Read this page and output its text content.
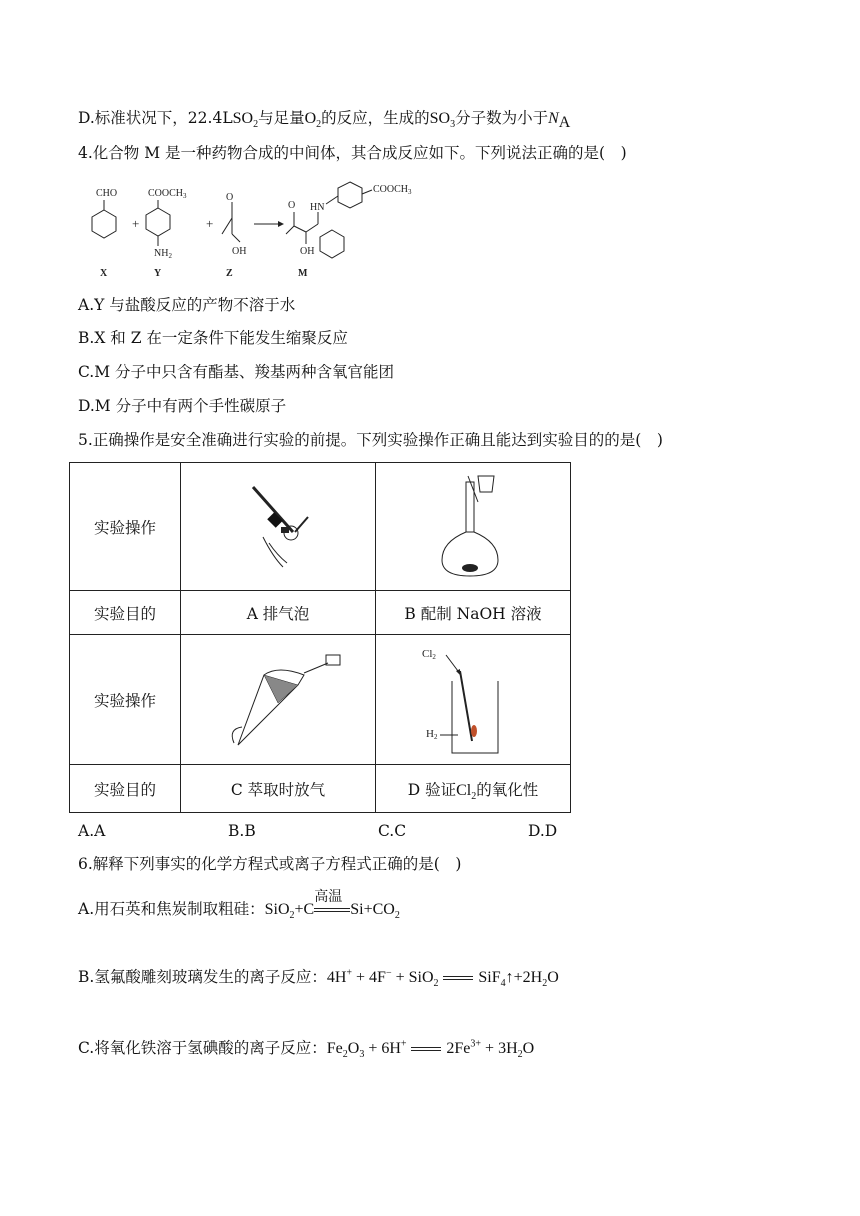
D.标准状况下，$22.4LSO_2$与足量$O_2$的反应，生成的$SO_3$分子数为小于$N_A$
4.化合物 M 是一种药物合成的中间体，其合成反应如下。下列说法正确的是(　)
CHO
X
+
$COOCH_3$
$NH_2$
Y
+
O
OH
Z
O
OH
HN
$COOCH_3$
M
A.Y 与盐酸反应的产物不溶于水
B.X 和 Z 在一定条件下能发生缩聚反应
C.M 分子中只含有酯基、羧基两种含氧官能团
D.M 分子中有两个手性碳原子
5.正确操作是安全准确进行实验的前提。下列实验操作正确且能达到实验目的的是(　)
实验操作	

实验目的	A 排气泡	B 配制 NaOH 溶液
实验操作		Cl2
H2

实验目的	C 萃取时放气	D 验证$Cl_2$的氧化性
A.A	B.B	C.C	D.D
6.解释下列事实的化学方程式或离子方程式正确的是(　)
A.用石英和焦炭制取粗硅：SiO$_2$+C
高温
$Si+CO_2$
B.氢氟酸雕刻玻璃发生的离子反应：4H+ + 4F− + SiO$_2$ $SiF_4↑+2H_2O$
C.将氧化铁溶于氢碘酸的离子反应：$Fe_2O_3 + 6H^+$ $2Fe^{3+} + 3H_2O$
